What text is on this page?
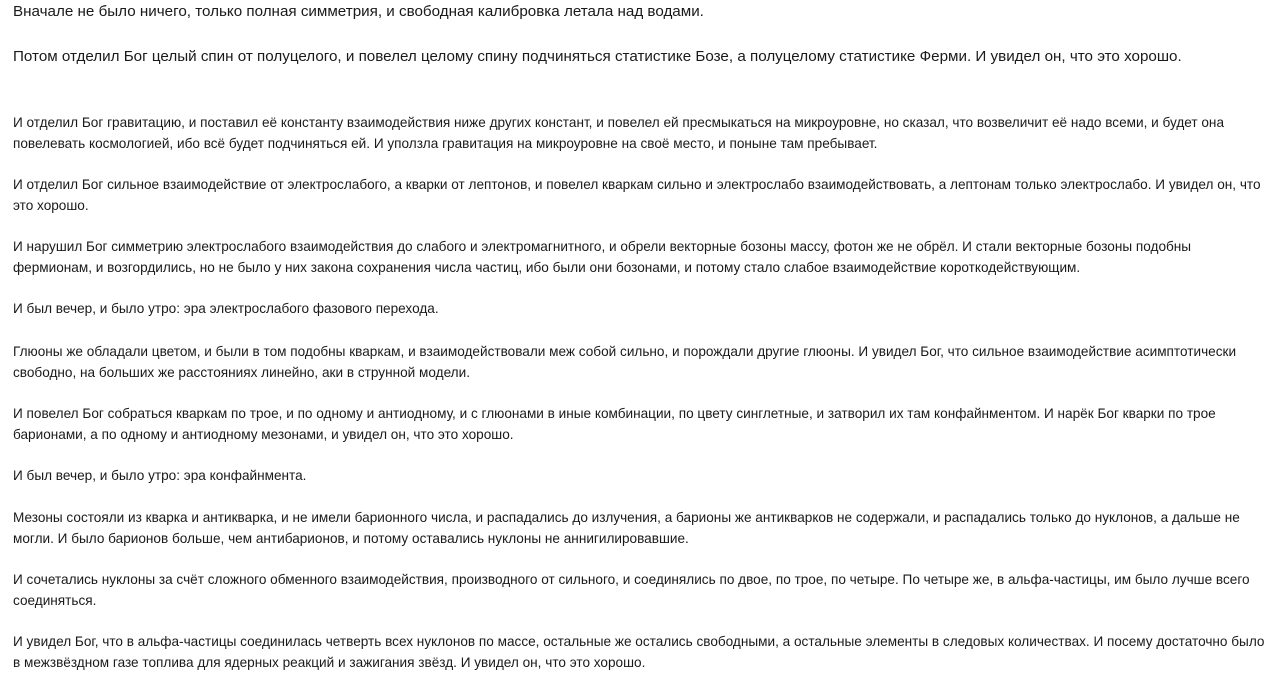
Вначале не было ничего, только полная симметрия, и свободная калибровка летала над водами.

Потом отделил Бог целый спин от полуцелого, и повелел целому спину подчиняться статистике Бозе, а полуцелому статистике Ферми. И увидел он, что это хорошо.

И отделил Бог гравитацию, и поставил её константу взаимодействия ниже других констант, и повелел ей пресмыкаться на микроуровне, но сказал, что возвеличит её надо всеми, и будет она повелевать космологией, ибо всё будет подчиняться ей. И уползла гравитация на микроуровне на своё место, и поныне там пребывает.

И отделил Бог сильное взаимодействие от электрослабого, а кварки от лептонов, и повелел кваркам сильно и электрослабо взаимодействовать, а лептонам только электрослабо. И увидел он, что это хорошо.

И нарушил Бог симметрию электрослабого взаимодействия до слабого и электромагнитного, и обрели векторные бозоны массу, фотон же не обрёл. И стали векторные бозоны подобны фермионам, и возгордились, но не было у них закона сохранения числа частиц, ибо были они бозонами, и потому стало слабое взаимодействие короткодействующим.

И был вечер, и было утро: эра электрослабого фазового перехода.

Глюоны же обладали цветом, и были в том подобны кваркам, и взаимодействовали меж собой сильно, и порождали другие глюоны. И увидел Бог, что сильное взаимодействие асимптотически свободно, на больших же расстояниях линейно, аки в струнной модели.

И повелел Бог собраться кваркам по трое, и по одному и антиодному, и с глюонами в иные комбинации, по цвету синглетные, и затворил их там конфайнментом. И нарёк Бог кварки по трое барионами, а по одному и антиодному мезонами, и увидел он, что это хорошо.

И был вечер, и было утро: эра конфайнмента.

Мезоны состояли из кварка и антикварка, и не имели барионного числа, и распадались до излучения, а барионы же антикварков не содержали, и распадались только до нуклонов, а дальше не могли. И было барионов больше, чем антибарионов, и потому оставались нуклоны не аннигилировавшие.

И сочетались нуклоны за счёт сложного обменного взаимодействия, производного от сильного, и соединялись по двое, по трое, по четыре. По четыре же, в альфа-частицы, им было лучше всего соединяться.

И увидел Бог, что в альфа-частицы соединилась четверть всех нуклонов по массе, остальные же остались свободными, а остальные элементы в следовых количествах. И посему достаточно было в межзвёздном газе топлива для ядерных реакций и зажигания звёзд. И увидел он, что это хорошо.
